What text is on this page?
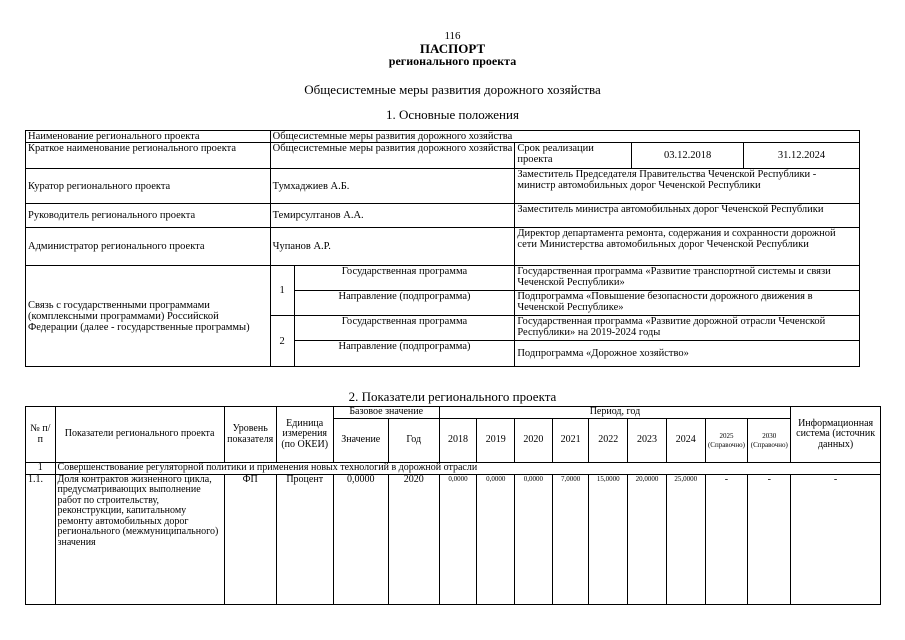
116
ПАСПОРТ
регионального проекта
Общесистемные меры развития дорожного хозяйства
1. Основные положения
Наименование регионального проекта	Общесистемные меры развития дорожного хозяйства				
Краткое наименование регионального проекта	Общесистемные меры развития дорожного хозяйства		Срок реализации проекта	03.12.2018	31.12.2024
Куратор регионального проекта	Тумхаджиев А.Б.		Заместитель Председателя Правительства Чеченской Республики - министр автомобильных дорог Чеченской Республики		
Руководитель регионального проекта	Темирсултанов А.А.		Заместитель министра автомобильных дорог Чеченской Республики		
Администратор регионального проекта	Чупанов А.Р.		Директор департамента ремонта, содержания и сохранности дорожной сети Министерства автомобильных дорог Чеченской Республики		
Связь с государственными программами (комплексными программами) Российской Федерации (далее - государственные программы)	1	Государственная программа	Государственная программа «Развитие транспортной системы и связи Чеченской Республики»		
		Направление (подпрограмма)	Подпрограмма «Повышение безопасности дорожного движения в Чеченской Республике»		
	2	Государственная программа	Государственная программа «Развитие дорожной отрасли Чеченской Республики» на 2019-2024 годы		
		Направление (подпрограмма)	Подпрограмма «Дорожное хозяйство»		
2. Показатели регионального проекта
№ п/п	Показатели регионального проекта	Уровень показателя	Единица измерения (по ОКЕИ)	Базовое значение		Период, год									Информационная система (источник данных)
				Значение	Год	2018	2019	2020	2021	2022	2023	2024	2025 (Справочно)	2030 (Справочно)	
1	Совершенствование регуляторной политики и применения новых технологий в дорожной отрасли														
1.1.	Доля контрактов жизненного цикла, предусматривающих выполнение работ по строительству, реконструкции, капитальному ремонту автомобильных дорог регионального (межмуниципального) значения	ФП	Процент	0,0000	2020	0,0000	0,0000	0,0000	7,0000	15,0000	20,0000	25,0000	-	-	-
